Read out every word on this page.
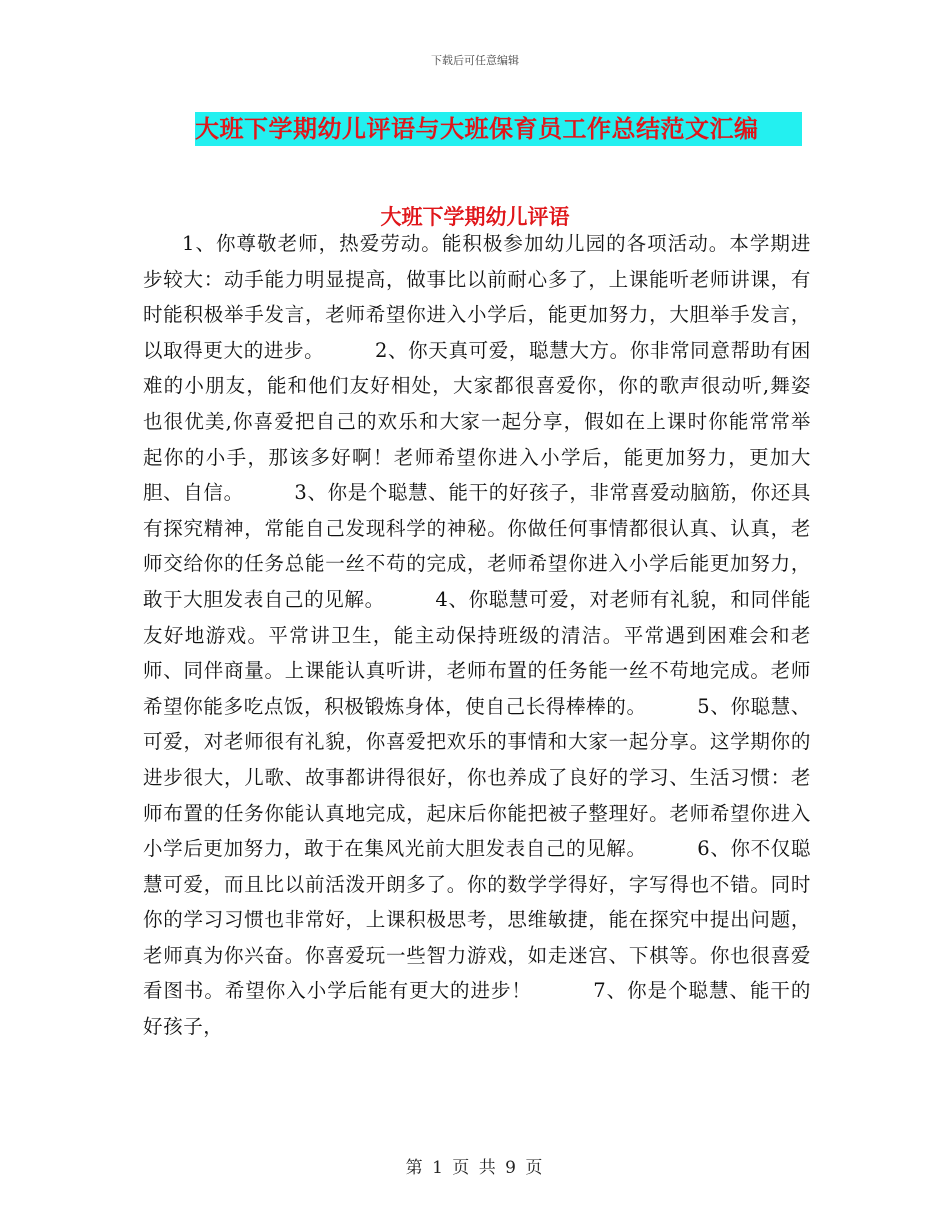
下载后可任意编辑
大班下学期幼儿评语与大班保育员工作总结范文汇编
大班下学期幼儿评语

1、你尊敬老师，热爱劳动。能积极参加幼儿园的各项活动。本学期进步较大：动手能力明显提高，做事比以前耐心多了，上课能听老师讲课，有时能积极举手发言，老师希望你进入小学后，能更加努力，大胆举手发言，以取得更大的进步。　　　2、你天真可爱，聪慧大方。你非常同意帮助有困难的小朋友，能和他们友好相处，大家都很喜爱你，你的歌声很动听,舞姿也很优美,你喜爱把自己的欢乐和大家一起分享，假如在上课时你能常常举起你的小手，那该多好啊！老师希望你进入小学后，能更加努力，更加大胆、自信。　　　3、你是个聪慧、能干的好孩子，非常喜爱动脑筋，你还具有探究精神，常能自己发现科学的神秘。你做任何事情都很认真、认真，老师交给你的任务总能一丝不苟的完成，老师希望你进入小学后能更加努力，敢于大胆发表自己的见解。　　　4、你聪慧可爱，对老师有礼貌，和同伴能友好地游戏。平常讲卫生，能主动保持班级的清洁。平常遇到困难会和老师、同伴商量。上课能认真听讲，老师布置的任务能一丝不苟地完成。老师希望你能多吃点饭，积极锻炼身体，使自己长得棒棒的。　　　5、你聪慧、可爱，对老师很有礼貌，你喜爱把欢乐的事情和大家一起分享。这学期你的进步很大，儿歌、故事都讲得很好，你也养成了良好的学习、生活习惯：老师布置的任务你能认真地完成，起床后你能把被子整理好。老师希望你进入小学后更加努力，敢于在集风光前大胆发表自己的见解。　　　6、你不仅聪慧可爱，而且比以前活泼开朗多了。你的数学学得好，字写得也不错。同时你的学习习惯也非常好，上课积极思考，思维敏捷，能在探究中提出问题，老师真为你兴奋。你喜爱玩一些智力游戏，如走迷宫、下棋等。你也很喜爱看图书。希望你入小学后能有更大的进步！　　　7、你是个聪慧、能干的好孩子，

第 1 页 共 9 页
